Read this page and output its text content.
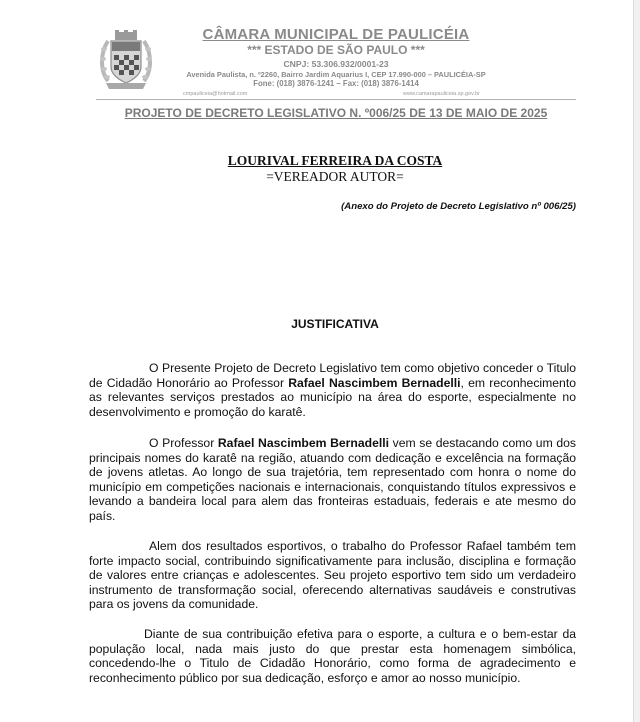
CÂMARA MUNICIPAL DE PAULICÉIA
*** ESTADO DE SÃO PAULO ***
CNPJ: 53.306.932/0001-23
Avenida Paulista, n. º2260, Bairro Jardim Aquarius I, CEP 17.990-000 – PAULICÉIA-SP
Fone: (018) 3876-1241 – Fax: (018) 3876-1414
cmpauliceia@hotmail.com	www.camarapauliceia.sp.gov.br
PROJETO DE DECRETO LEGISLATIVO N. º006/25 DE 13 DE MAIO DE 2025
LOURIVAL FERREIRA DA COSTA
=VEREADOR AUTOR=
(Anexo do Projeto de Decreto Legislativo nº 006/25)
JUSTIFICATIVA
O Presente Projeto de Decreto Legislativo tem como objetivo conceder o Titulo de Cidadão Honorário ao Professor Rafael Nascimbem Bernadelli, em reconhecimento as relevantes serviços prestados ao município na área do esporte, especialmente no desenvolvimento e promoção do karatê.
O Professor Rafael Nascimbem Bernadelli vem se destacando como um dos principais nomes do karatê na região, atuando com dedicação e excelência na formação de jovens atletas. Ao longo de sua trajetória, tem representado com honra o nome do município em competições nacionais e internacionais, conquistando títulos expressivos e levando a bandeira local para alem das fronteiras estaduais, federais e ate mesmo do país.
Alem dos resultados esportivos, o trabalho do Professor Rafael também tem forte impacto social, contribuindo significativamente para inclusão, disciplina e formação de valores entre crianças e adolescentes. Seu projeto esportivo tem sido um verdadeiro instrumento de transformação social, oferecendo alternativas saudáveis e construtivas para os jovens da comunidade.
Diante de sua contribuição efetiva para o esporte, a cultura e o bem-estar da população local, nada mais justo do que prestar esta homenagem simbólica, concedendo-lhe o Titulo de Cidadão Honorário, como forma de agradecimento e reconhecimento público por sua dedicação, esforço e amor ao nosso município.
